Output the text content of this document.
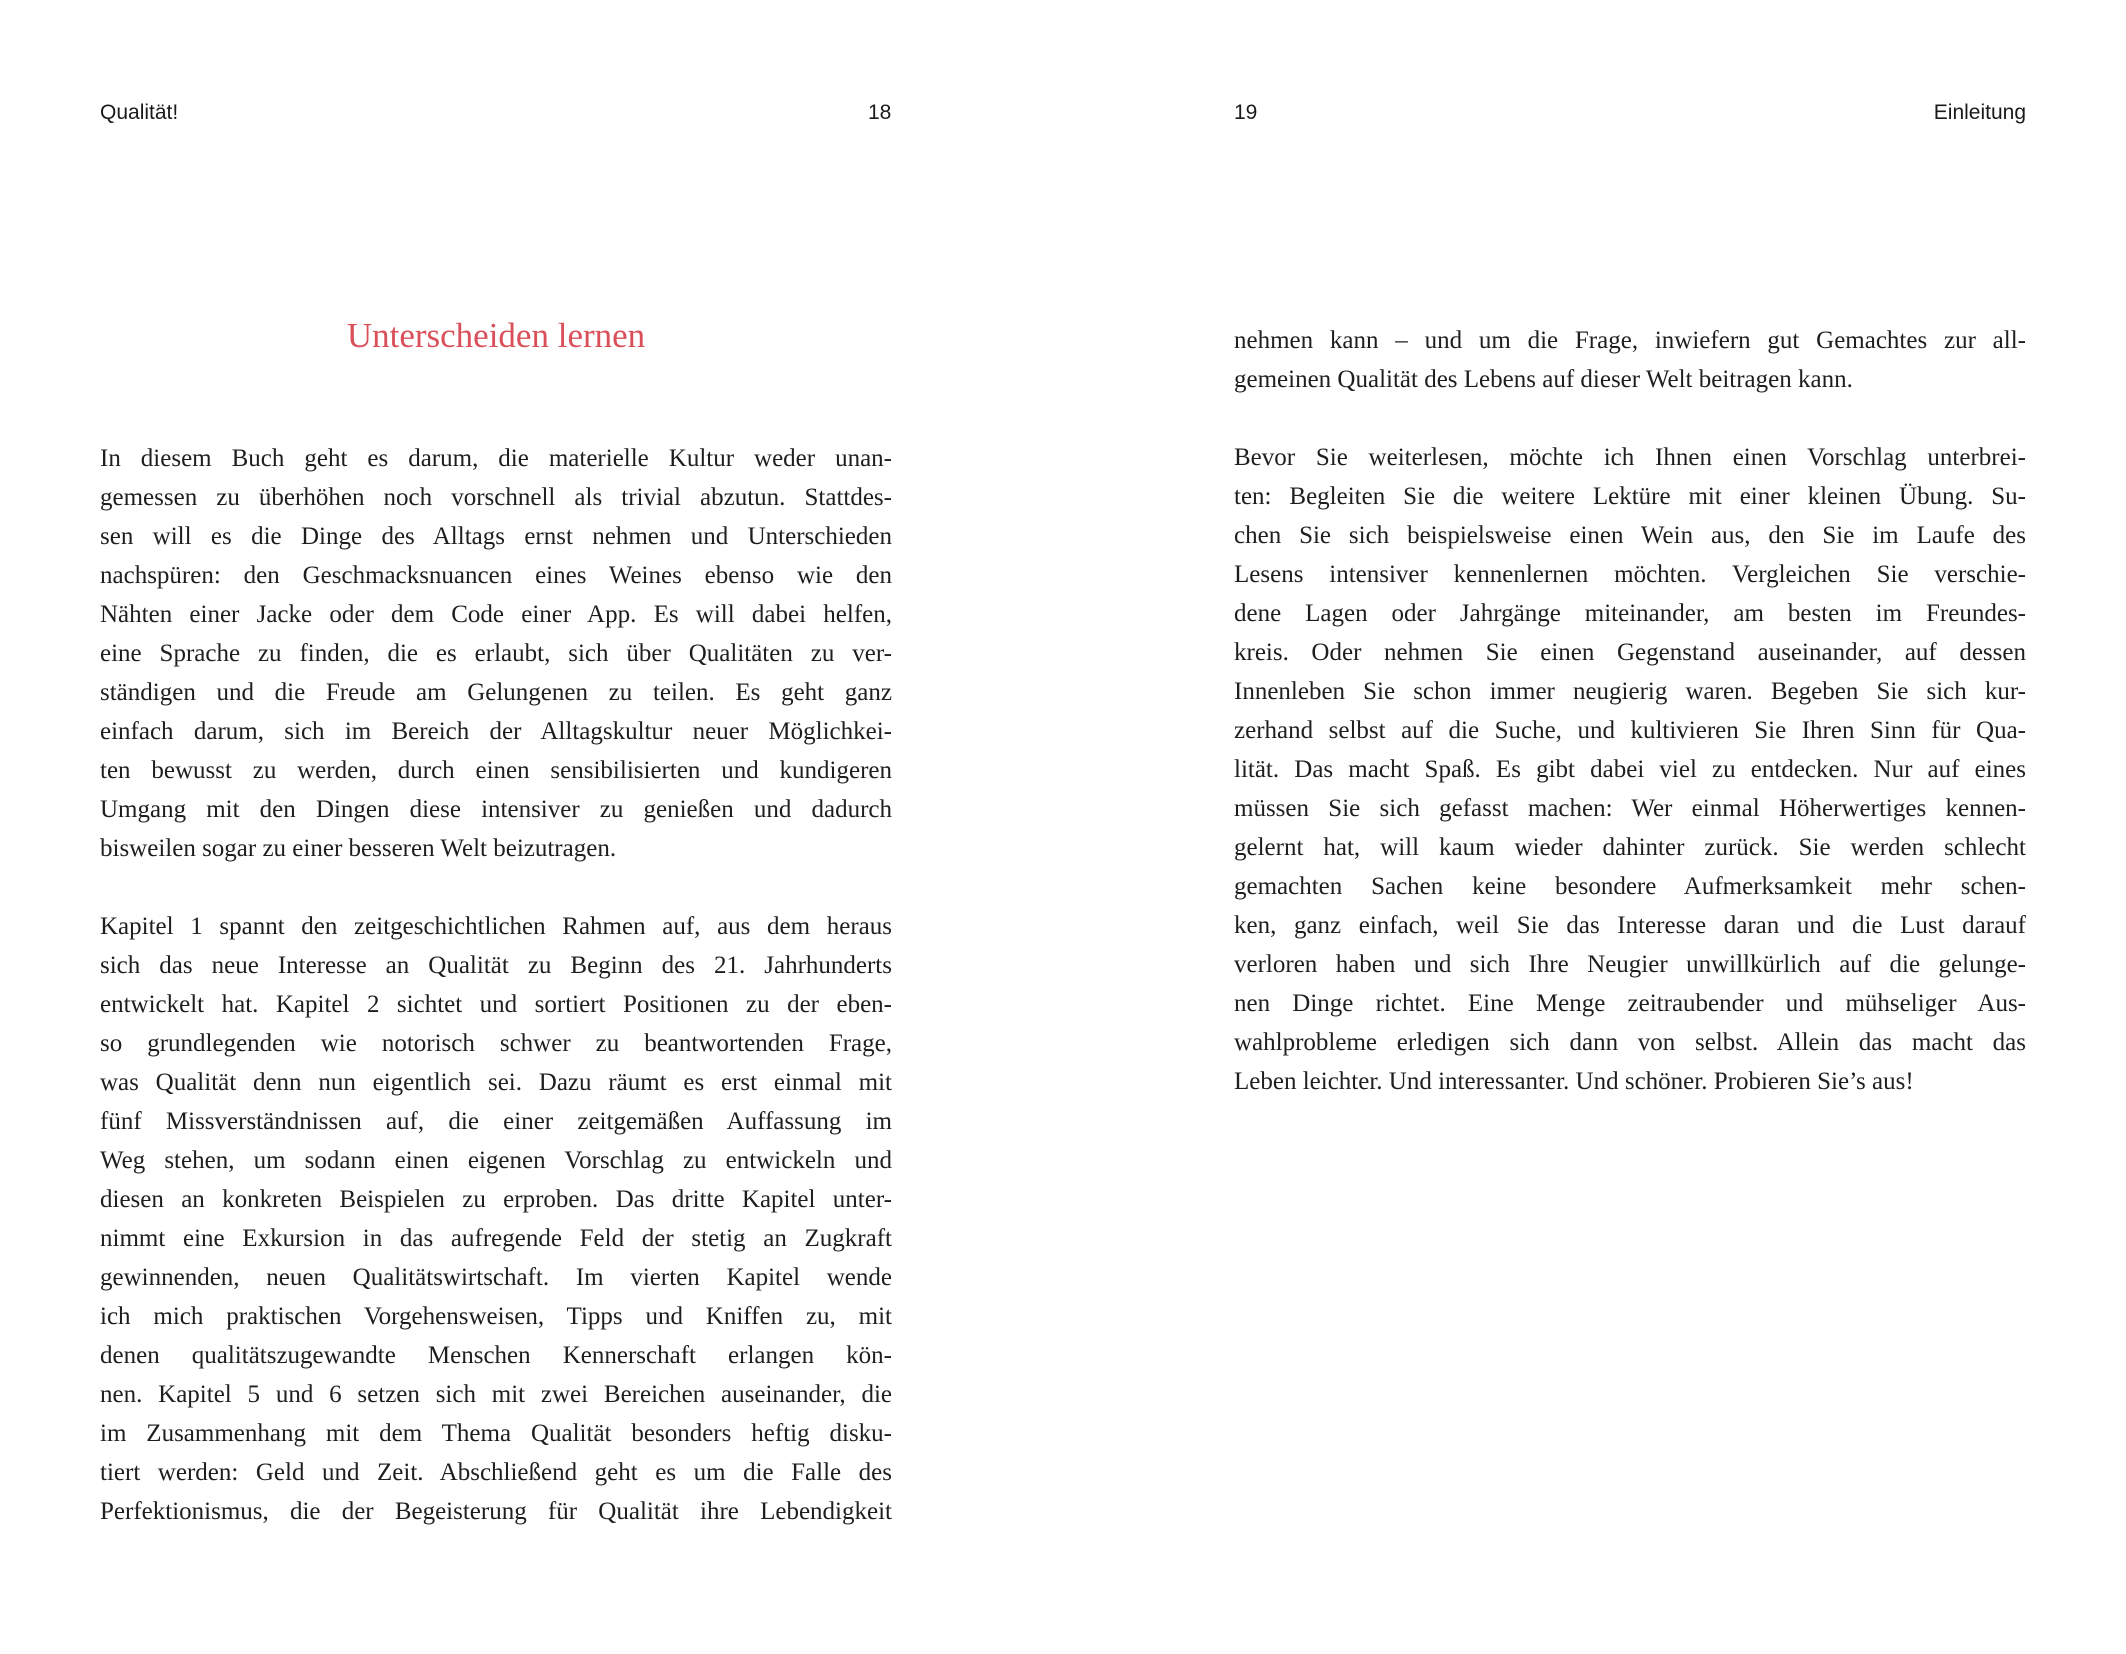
Qualität!	18	19	Einleitung
Unterscheiden lernen
In diesem Buch geht es darum, die materielle Kultur weder unan-
gemessen zu überhöhen noch vorschnell als trivial abzutun. Stattdes-
sen will es die Dinge des Alltags ernst nehmen und Unterschieden
nachspüren: den Geschmacksnuancen eines Weines ebenso wie den
Nähten einer Jacke oder dem Code einer App. Es will dabei helfen,
eine Sprache zu finden, die es erlaubt, sich über Qualitäten zu ver-
ständigen und die Freude am Gelungenen zu teilen. Es geht ganz
einfach darum, sich im Bereich der Alltagskultur neuer Möglichkei-
ten bewusst zu werden, durch einen sensibilisierten und kundigeren
Umgang mit den Dingen diese intensiver zu genießen und dadurch
bisweilen sogar zu einer besseren Welt beizutragen.
Kapitel 1 spannt den zeitgeschichtlichen Rahmen auf, aus dem heraus
sich das neue Interesse an Qualität zu Beginn des 21. Jahrhunderts
entwickelt hat. Kapitel 2 sichtet und sortiert Positionen zu der eben-
so grundlegenden wie notorisch schwer zu beantwortenden Frage,
was Qualität denn nun eigentlich sei. Dazu räumt es erst einmal mit
fünf Missverständnissen auf, die einer zeitgemäßen Auffassung im
Weg stehen, um sodann einen eigenen Vorschlag zu entwickeln und
diesen an konkreten Beispielen zu erproben. Das dritte Kapitel unter-
nimmt eine Exkursion in das aufregende Feld der stetig an Zugkraft
gewinnenden, neuen Qualitätswirtschaft. Im vierten Kapitel wende
ich mich praktischen Vorgehensweisen, Tipps und Kniffen zu, mit
denen qualitätszugewandte Menschen Kennerschaft erlangen kön-
nen. Kapitel 5 und 6 setzen sich mit zwei Bereichen auseinander, die
im Zusammenhang mit dem Thema Qualität besonders heftig disku-
tiert werden: Geld und Zeit. Abschließend geht es um die Falle des
Perfektionismus, die der Begeisterung für Qualität ihre Lebendigkeit
nehmen kann – und um die Frage, inwiefern gut Gemachtes zur all-
gemeinen Qualität des Lebens auf dieser Welt beitragen kann.
Bevor Sie weiterlesen, möchte ich Ihnen einen Vorschlag unterbrei-
ten: Begleiten Sie die weitere Lektüre mit einer kleinen Übung. Su-
chen Sie sich beispielsweise einen Wein aus, den Sie im Laufe des
Lesens intensiver kennenlernen möchten. Vergleichen Sie verschie-
dene Lagen oder Jahrgänge miteinander, am besten im Freundes-
kreis. Oder nehmen Sie einen Gegenstand auseinander, auf dessen
Innenleben Sie schon immer neugierig waren. Begeben Sie sich kur-
zerhand selbst auf die Suche, und kultivieren Sie Ihren Sinn für Qua-
lität. Das macht Spaß. Es gibt dabei viel zu entdecken. Nur auf eines
müssen Sie sich gefasst machen: Wer einmal Höherwertiges kennen-
gelernt hat, will kaum wieder dahinter zurück. Sie werden schlecht
gemachten Sachen keine besondere Aufmerksamkeit mehr schen-
ken, ganz einfach, weil Sie das Interesse daran und die Lust darauf
verloren haben und sich Ihre Neugier unwillkürlich auf die gelunge-
nen Dinge richtet. Eine Menge zeitraubender und mühseliger Aus-
wahlprobleme erledigen sich dann von selbst. Allein das macht das
Leben leichter. Und interessanter. Und schöner. Probieren Sie’s aus!
